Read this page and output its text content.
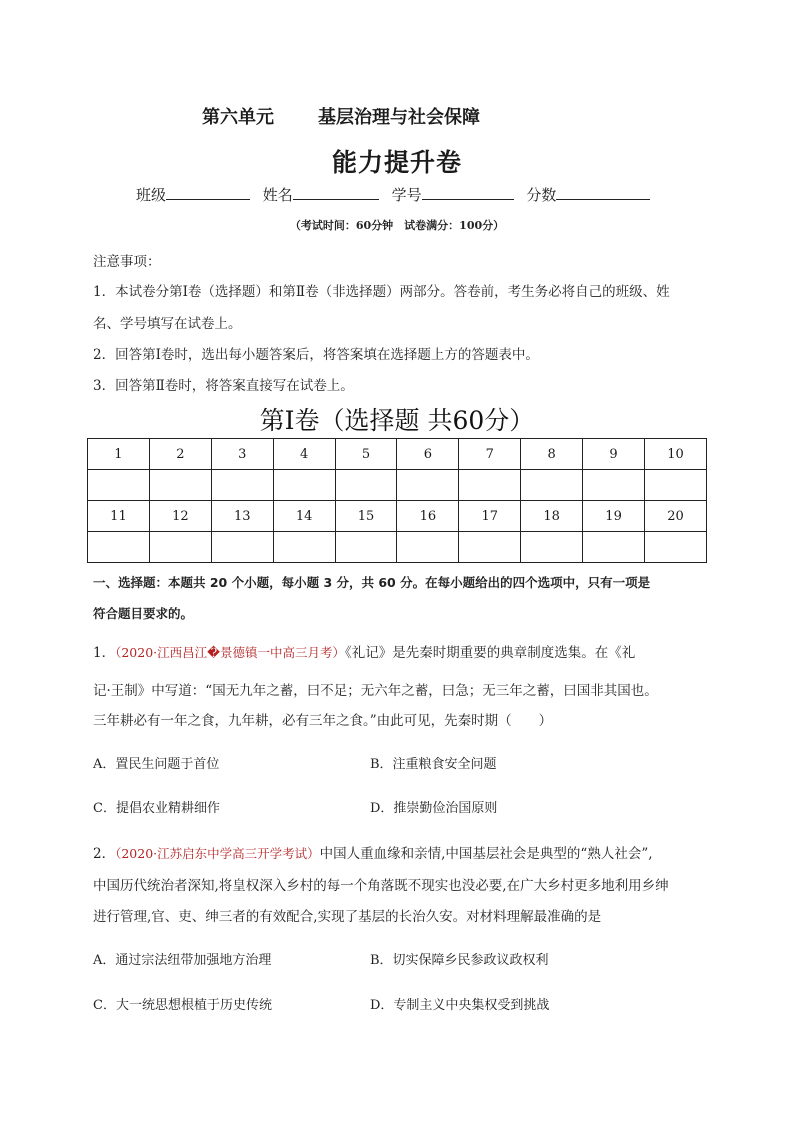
第六单元 基层治理与社会保障
能力提升卷
班级	姓名	学号	分数
（考试时间：60分钟　试卷满分：100分）
注意事项：
1．本试卷分第Ⅰ卷（选择题）和第Ⅱ卷（非选择题）两部分。答卷前，考生务必将自己的班级、姓
名、学号填写在试卷上。
2．回答第Ⅰ卷时，选出每小题答案后，将答案填在选择题上方的答题表中。
3．回答第Ⅱ卷时，将答案直接写在试卷上。
第Ⅰ卷（选择题 共60分）
1	2	3	4	5	6	7	8	9	10

11	12	13	14	15	16	17	18	19	20

一、选择题：本题共 20 个小题，每小题 3 分，共 60 分。在每小题给出的四个选项中，只有一项是
符合题目要求的。
1．（2020·江西昌江�景德镇一中高三月考）《礼记》是先秦时期重要的典章制度选集。在《礼
记·王制》中写道：“国无九年之蓄，曰不足；无六年之蓄，曰急；无三年之蓄，曰国非其国也。
三年耕必有一年之食，九年耕，必有三年之食。”由此可见，先秦时期（　　）
A．置民生问题于首位	B．注重粮食安全问题
C．提倡农业精耕细作	D．推崇勤俭治国原则
2．（2020·江苏启东中学高三开学考试）中国人重血缘和亲情,中国基层社会是典型的“熟人社会”,
中国历代统治者深知,将皇权深入乡村的每一个角落既不现实也没必要,在广大乡村更多地利用乡绅
进行管理,官、吏、绅三者的有效配合,实现了基层的长治久安。对材料理解最准确的是
A．通过宗法纽带加强地方治理	B．切实保障乡民参政议政权利
C．大一统思想根植于历史传统	D．专制主义中央集权受到挑战
